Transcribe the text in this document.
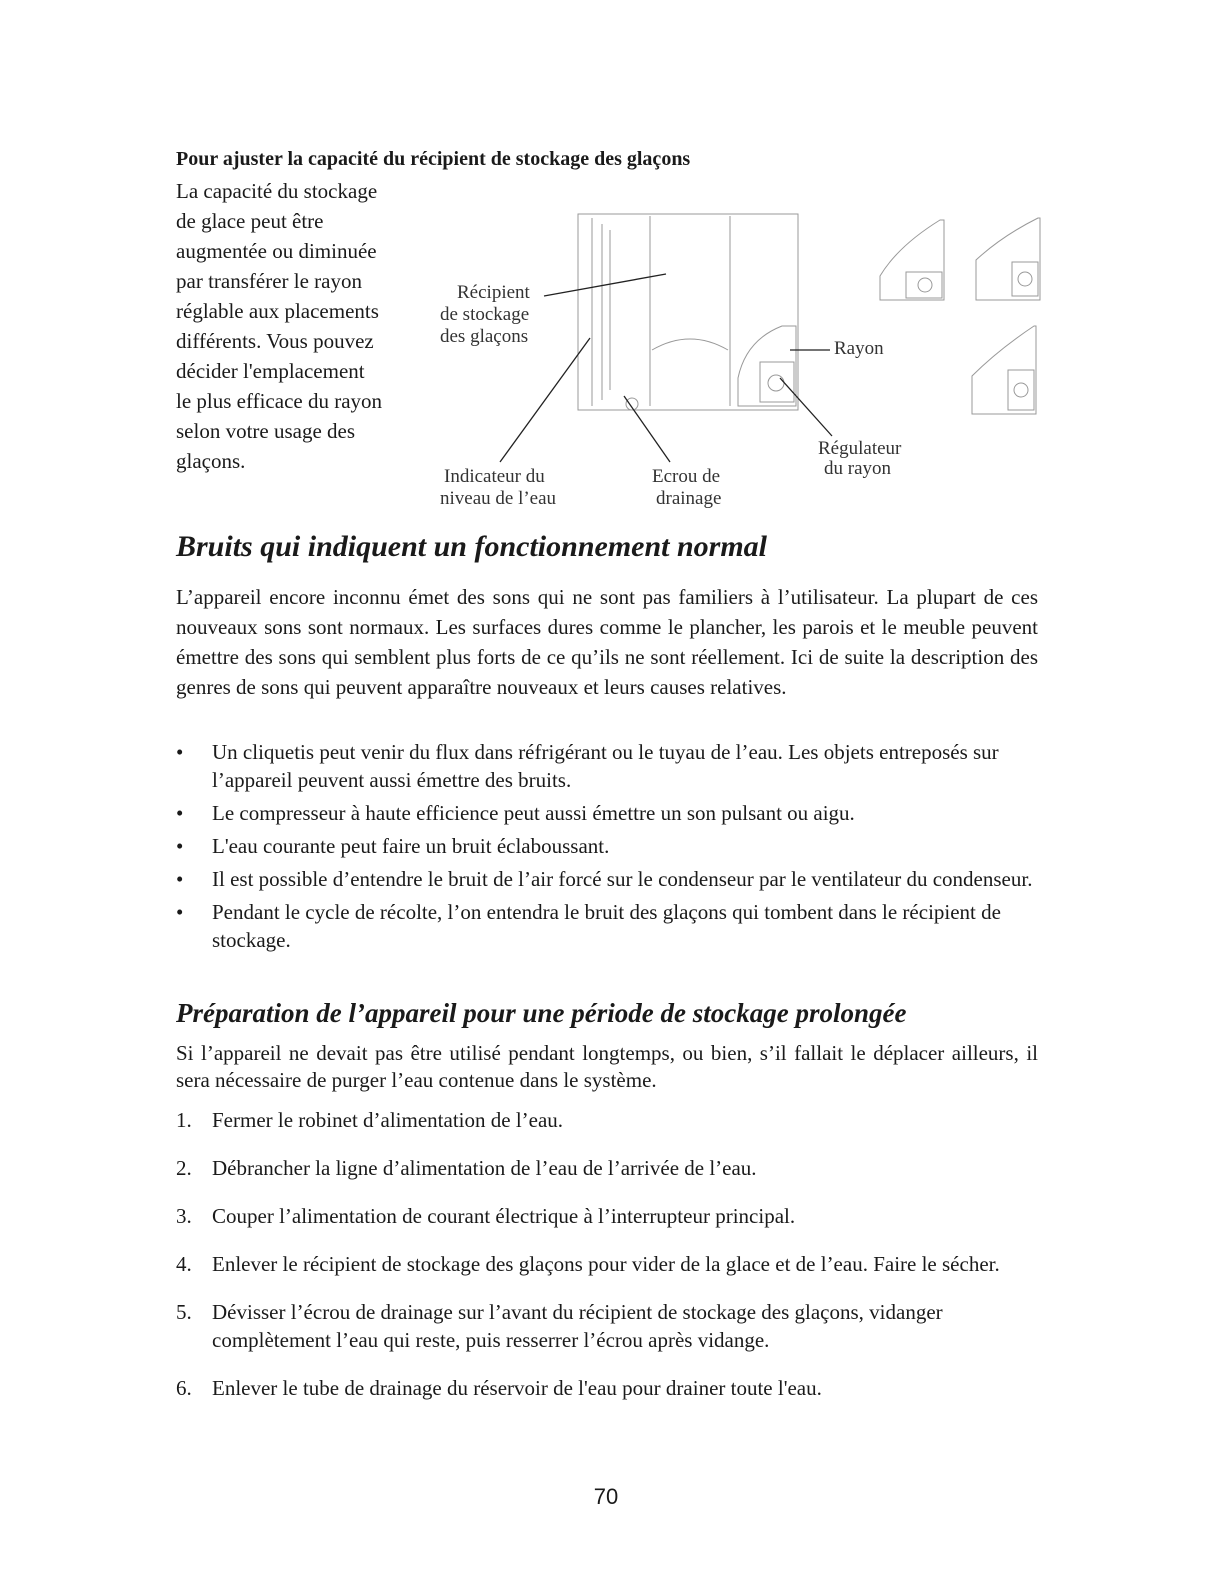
Pour ajuster la capacité du récipient de stockage des glaçons
La capacité du stockage
de glace peut être
augmentée ou diminuée
par transférer le rayon
réglable aux placements
différents. Vous pouvez
décider l'emplacement
le plus efficace du rayon
selon votre usage des
glaçons.
Récipient
de stockage
des glaçons
Rayon
Régulateur
du rayon
Indicateur du
niveau de l’eau
Ecrou de
drainage
Bruits qui indiquent un fonctionnement normal
L’appareil encore inconnu émet des sons qui ne sont pas familiers à l’utilisateur. La plupart de ces nouveaux sons sont normaux. Les surfaces dures comme le plancher, les parois et le meuble peuvent émettre des sons qui semblent plus forts de ce qu’ils ne sont réellement. Ici de suite la description des genres de sons qui peuvent apparaître nouveaux et leurs causes relatives.
• Un cliquetis peut venir du flux dans réfrigérant ou le tuyau de l’eau. Les objets entreposés sur l’appareil peuvent aussi émettre des bruits.
• Le compresseur à haute efficience peut aussi émettre un son pulsant ou aigu.
• L'eau courante peut faire un bruit éclaboussant.
• Il est possible d’entendre le bruit de l’air forcé sur le condenseur par le ventilateur du condenseur.
• Pendant le cycle de récolte, l’on entendra le bruit des glaçons qui tombent dans le récipient de stockage.
Préparation de l’appareil pour une période de stockage prolongée
Si l’appareil ne devait pas être utilisé pendant longtemps, ou bien, s’il fallait le déplacer ailleurs, il sera nécessaire de purger l’eau contenue dans le système.
1. Fermer le robinet d’alimentation de l’eau.
2. Débrancher la ligne d’alimentation de l’eau de l’arrivée de l’eau.
3. Couper l’alimentation de courant électrique à l’interrupteur principal.
4. Enlever le récipient de stockage des glaçons pour vider de la glace et de l’eau. Faire le sécher.
5. Dévisser l’écrou de drainage sur l’avant du récipient de stockage des glaçons, vidanger complètement l’eau qui reste, puis resserrer l’écrou après vidange.
6. Enlever le tube de drainage du réservoir de l'eau pour drainer toute l'eau.
70
